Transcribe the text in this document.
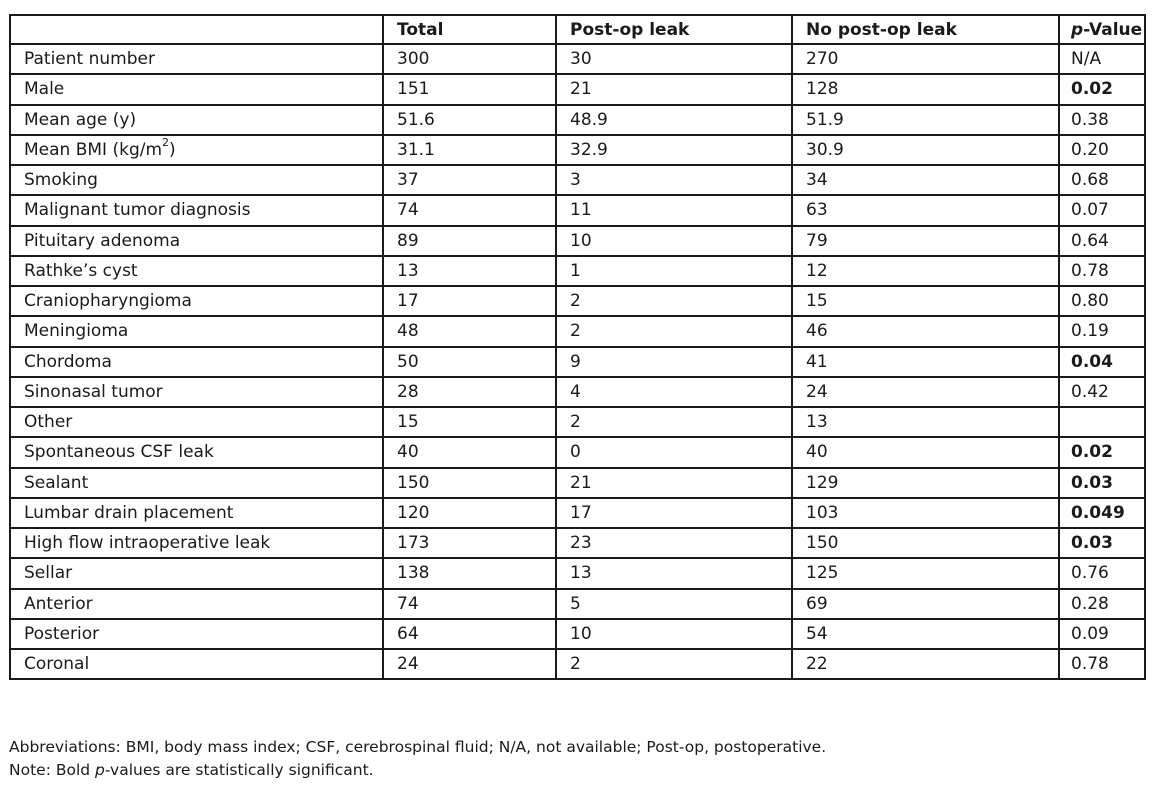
	Total	Post-op leak	No post-op leak	p-Value
Patient number	300	30	270	N/A
Male	151	21	128	0.02
Mean age (y)	51.6	48.9	51.9	0.38
Mean BMI $(kg/m^2)$	31.1	32.9	30.9	0.20
Smoking	37	3	34	0.68
Malignant tumor diagnosis	74	11	63	0.07
Pituitary adenoma	89	10	79	0.64
Rathke’s cyst	13	1	12	0.78
Craniopharyngioma	17	2	15	0.80
Meningioma	48	2	46	0.19
Chordoma	50	9	41	0.04
Sinonasal tumor	28	4	24	0.42
Other	15	2	13	
Spontaneous CSF leak	40	0	40	0.02
Sealant	150	21	129	0.03
Lumbar drain placement	120	17	103	0.049
High flow intraoperative leak	173	23	150	0.03
Sellar	138	13	125	0.76
Anterior	74	5	69	0.28
Posterior	64	10	54	0.09
Coronal	24	2	22	0.78
Abbreviations: BMI, body mass index; CSF, cerebrospinal fluid; N/A, not available; Post-op, postoperative.
Note: Bold p-values are statistically significant.
